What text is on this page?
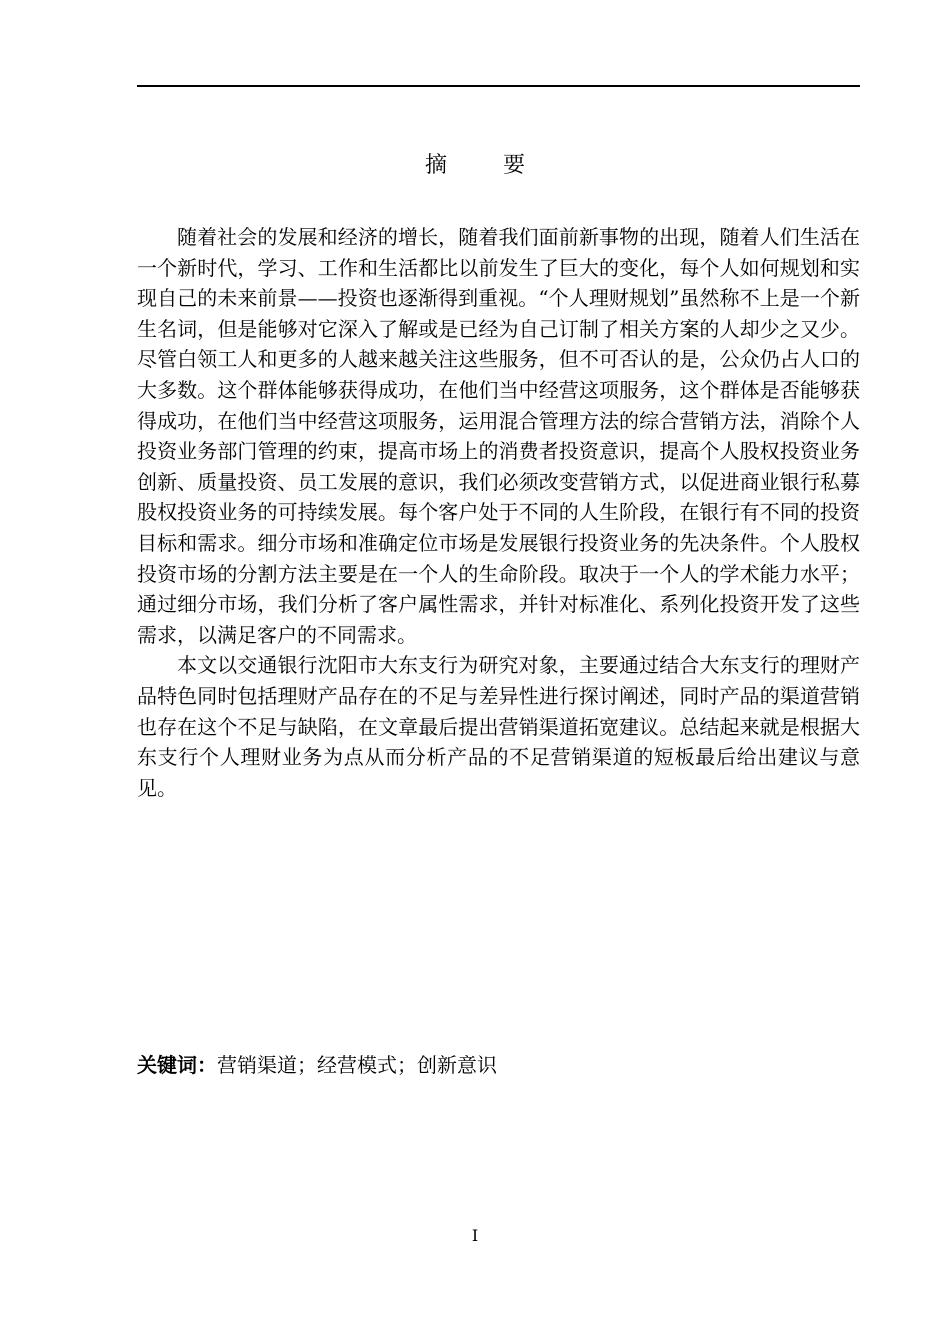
摘	要

随着社会的发展和经济的增长，随着我们面前新事物的出现，随着人们生活在一个新时代，学习、工作和生活都比以前发生了巨大的变化，每个人如何规划和实现自己的未来前景——投资也逐渐得到重视。“个人理财规划”虽然称不上是一个新生名词，但是能够对它深入了解或是已经为自己订制了相关方案的人却少之又少。尽管白领工人和更多的人越来越关注这些服务，但不可否认的是，公众仍占人口的大多数。这个群体能够获得成功，在他们当中经营这项服务，这个群体是否能够获得成功，在他们当中经营这项服务，运用混合管理方法的综合营销方法，消除个人投资业务部门管理的约束，提高市场上的消费者投资意识，提高个人股权投资业务创新、质量投资、员工发展的意识，我们必须改变营销方式，以促进商业银行私募股权投资业务的可持续发展。每个客户处于不同的人生阶段，在银行有不同的投资目标和需求。细分市场和准确定位市场是发展银行投资业务的先决条件。个人股权投资市场的分割方法主要是在一个人的生命阶段。取决于一个人的学术能力水平；通过细分市场，我们分析了客户属性需求，并针对标准化、系列化投资开发了这些需求，以满足客户的不同需求。

本文以交通银行沈阳市大东支行为研究对象，主要通过结合大东支行的理财产品特色同时包括理财产品存在的不足与差异性进行探讨阐述，同时产品的渠道营销也存在这个不足与缺陷，在文章最后提出营销渠道拓宽建议。总结起来就是根据大东支行个人理财业务为点从而分析产品的不足营销渠道的短板最后给出建议与意见。

关键词：营销渠道；经营模式；创新意识
I
